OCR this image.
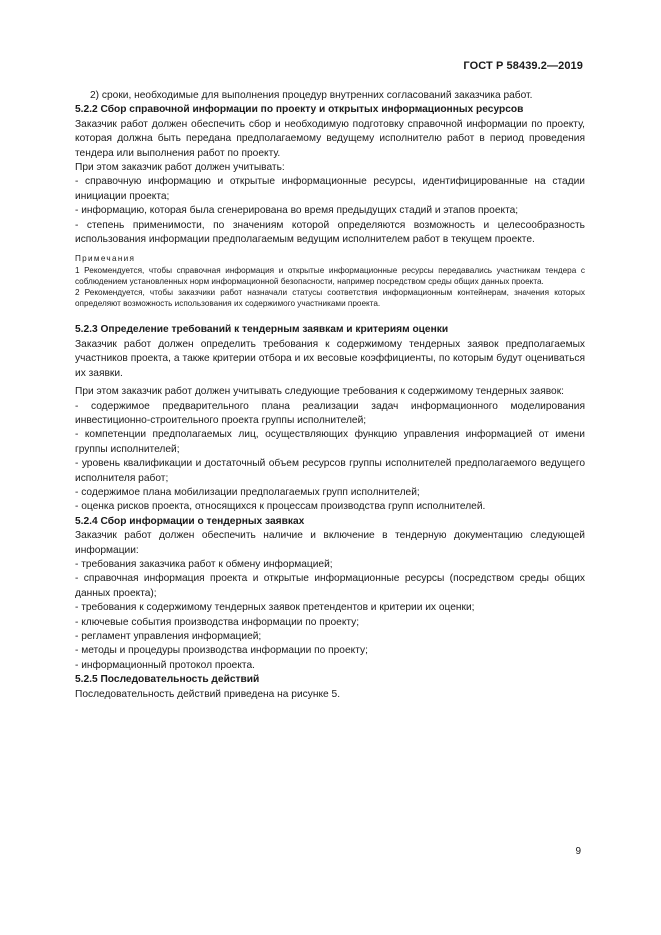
ГОСТ Р 58439.2—2019

2) сроки, необходимые для выполнения процедур внутренних согласований заказчика работ.

5.2.2 Сбор справочной информации по проекту и открытых информационных ресурсов

Заказчик работ должен обеспечить сбор и необходимую подготовку справочной информации по проекту, которая должна быть передана предполагаемому ведущему исполнителю работ в период проведения тендера или выполнения работ по проекту.

При этом заказчик работ должен учитывать:

- справочную информацию и открытые информационные ресурсы, идентифицированные на стадии инициации проекта;

- информацию, которая была сгенерирована во время предыдущих стадий и этапов проекта;

- степень применимости, по значениям которой определяются возможность и целесообразность использования информации предполагаемым ведущим исполнителем работ в текущем проекте.

Примечания

1 Рекомендуется, чтобы справочная информация и открытые информационные ресурсы передавались участникам тендера с соблюдением установленных норм информационной безопасности, например посредством среды общих данных проекта.

2 Рекомендуется, чтобы заказчики работ назначали статусы соответствия информационным контейнерам, значения которых определяют возможность использования их содержимого участниками проекта.

5.2.3 Определение требований к тендерным заявкам и критериям оценки

Заказчик работ должен определить требования к содержимому тендерных заявок предполагаемых участников проекта, а также критерии отбора и их весовые коэффициенты, по которым будут оцениваться их заявки.

При этом заказчик работ должен учитывать следующие требования к содержимому тендерных заявок:

- содержимое предварительного плана реализации задач информационного моделирования инвестиционно-строительного проекта группы исполнителей;

- компетенции предполагаемых лиц, осуществляющих функцию управления информацией от имени группы исполнителей;

- уровень квалификации и достаточный объем ресурсов группы исполнителей предполагаемого ведущего исполнителя работ;

- содержимое плана мобилизации предполагаемых групп исполнителей;

- оценка рисков проекта, относящихся к процессам производства групп исполнителей.

5.2.4 Сбор информации о тендерных заявках

Заказчик работ должен обеспечить наличие и включение в тендерную документацию следующей информации:

- требования заказчика работ к обмену информацией;

- справочная информация проекта и открытые информационные ресурсы (посредством среды общих данных проекта);

- требования к содержимому тендерных заявок претендентов и критерии их оценки;

- ключевые события производства информации по проекту;

- регламент управления информацией;

- методы и процедуры производства информации по проекту;

- информационный протокол проекта.

5.2.5 Последовательность действий

Последовательность действий приведена на рисунке 5.

9
